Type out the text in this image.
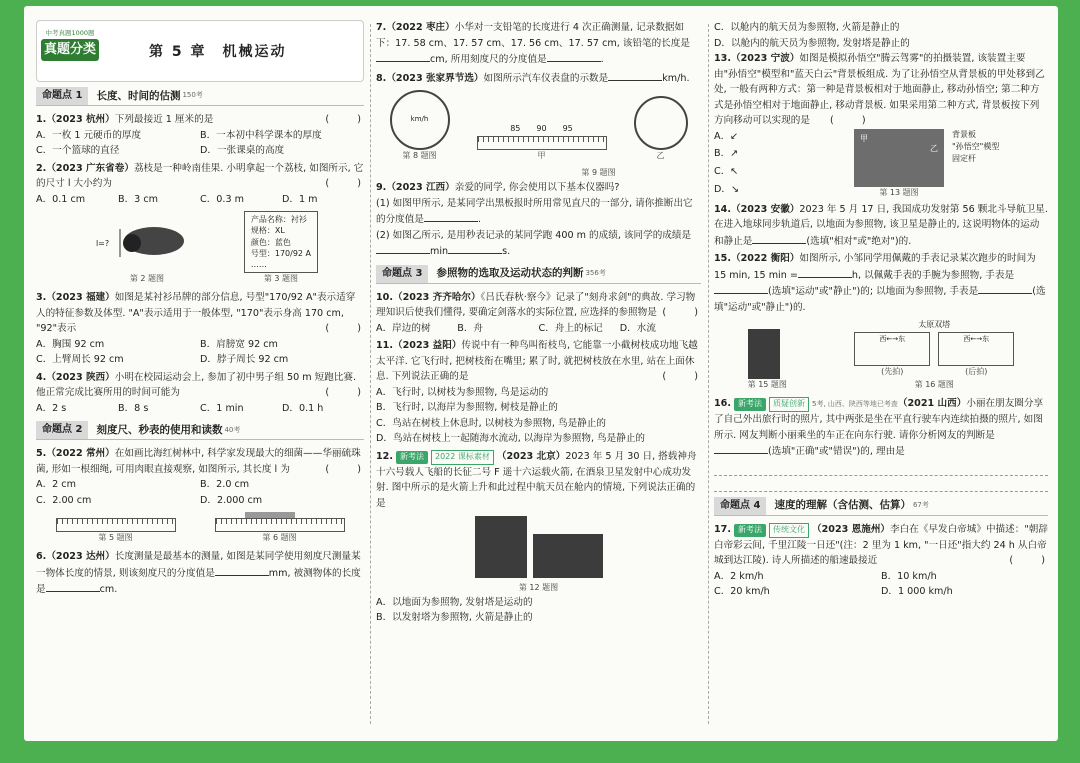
中考真题1000题
真题分类	第 5 章　机械运动
命题点 1	长度、时间的估测 150考
1.（2023 杭州）下列最接近 1 厘米的是	(　　)
A．一枚 1 元硬币的厚度	B．一本初中科学课本的厚度
C．一个篮球的直径	D．一张课桌的高度
2.（2023 广东省卷）荔枝是一种岭南佳果. 小明拿起一个荔枝, 如图所示, 它的尺寸 l 大小约为	(　　)
A．0.1 cm	B．3 cm	C．0.3 m	D．1 m
l=?
第 2 题图
产品名称：衬衫
规格：XL
颜色：蓝色
号型：170/92 A
……
第 3 题图
3.（2023 福建）如图是某衬衫吊牌的部分信息, 号型"170/92 A"表示适穿人的特征参数及体型. "A"表示适用于一般体型, "170"表示身高 170 cm, "92"表示	(　　)
A．胸围 92 cm	B．肩膀宽 92 cm
C．上臂周长 92 cm	D．脖子周长 92 cm
4.（2023 陕西）小明在校园运动会上, 参加了初中男子组 50 m 短跑比赛. 他正常完成比赛所用的时间可能为	(　　)
A．2 s	B．8 s	C．1 min	D．0.1 h
命题点 2	刻度尺、秒表的使用和读数 40考
5.（2022 常州）在如画比海红树林中, 科学家发现最大的细菌——华丽硫珠菌, 形如一根细绳, 可用肉眼直接观察, 如图所示, 其长度 l 为	(　　)
A．2 cm	B．2.0 cm
C．2.00 cm	D．2.000 cm
第 5 题图	第 6 题图
6.（2023 达州）长度测量是最基本的测量, 如图是某同学使用刻度尺测量某一物体长度的情景, 则该刻度尺的分度值是	mm, 被测物体的长度是	cm.
7.（2022 枣庄）小华对一支铅笔的长度进行 4 次正确测量, 记录数据如下：17. 58 cm、17. 57 cm、17. 56 cm、17. 57 cm, 该铅笔的长度是cm, 所用刻度尺的分度值是	.
8.（2023 张家界节选）如图所示汽车仪表盘的示数是	km/h.
km/h
第 8 题图
85　　90　　95
甲	乙
第 9 题图
9.（2023 江西）亲爱的同学, 你会使用以下基本仪器吗?
(1) 如图甲所示, 是某同学出黑板报时所用常见直尺的一部分, 请你推断出它的分度值是	.
(2) 如图乙所示, 是用秒表记录的某同学跑 400 m 的成绩, 该同学的成绩是min	s.
命题点 3	参照物的选取及运动状态的判断 356考
10.（2023 齐齐哈尔）《吕氏春秋·察今》记录了"刻舟求剑"的典故. 学习物理知识后使我们懂得, 要确定剑落水的实际位置, 应选择的参照物是 (　　)
A．岸边的树	B．舟	C．舟上的标记	D．水流
11.（2023 益阳）传说中有一种鸟叫衔枝鸟, 它能靠一小截树枝成功地飞越太平洋. 它飞行时, 把树枝衔在嘴里; 累了时, 就把树枝放在水里, 站在上面休息. 下列说法正确的是	(　　)
A．飞行时, 以树枝为参照物, 鸟是运动的
B．飞行时, 以海岸为参照物, 树枝是静止的
C．鸟站在树枝上休息时, 以树枝为参照物, 鸟是静止的
D．鸟站在树枝上一起随海水流动, 以海岸为参照物, 鸟是静止的
12. 新考法 2022 课标素材 （2023 北京）2023 年 5 月 30 日, 搭载神舟十六号载人飞船的长征二号 F 遥十六运载火箭, 在酒泉卫星发射中心成功发射. 图中所示的是火箭上升和此过程中航天员在舱内的情境, 下列说法正确的是
第 12 题图
A．以地面为参照物, 发射塔是运动的
B．以发射塔为参照物, 火箭是静止的
C．以舱内的航天员为参照物, 火箭是静止的
D．以舱内的航天员为参照物, 发射塔是静止的
13.（2023 宁波）如图是模拟孙悟空"腾云驾雾"的拍摄装置, 该装置主要由"孙悟空"模型和"蓝天白云"背景板组成. 为了让孙悟空从背景板的甲处移到乙处, 一般有两种方式：第一种是背景板相对于地面静止, 移动孙悟空; 第二种方式是孙悟空相对于地面静止, 移动背景板. 如果采用第二种方式, 背景板按下列方向移动可以实现的是 (　　)
A．↙
B．↗
C．↖
D．↘
甲
乙
背景板
"孙悟空"模型
固定杆
第 13 题图
14.（2023 安徽）2023 年 5 月 17 日, 我国成功发射第 56 颗北斗导航卫星. 在进入地球同步轨道后, 以地面为参照物, 该卫星是静止的, 这说明物体的运动和静止是	(选填"相对"或"绝对")的.
15.（2022 衡阳）如图所示, 小邹同学用佩戴的手表记录某次跑步的时间为 15 min, 15 min =	h, 以佩戴手表的手腕为参照物, 手表是(选填"运动"或"静止")的; 以地面为参照物, 手表是	(选填"运动"或"静止")的.
第 15 题图
太原双塔
西←→东
(先拍)
西←→东
(后拍)
第 16 题图
16. 新考法 质疑创新 5考, 山西、陕西等地已考查（2021 山西）小丽在朋友圈分享了自己外出旅行时的照片, 其中两张是坐在平直行驶车内连续拍摄的照片, 如图所示. 网友判断小丽乘坐的车正在向东行驶. 请你分析网友的判断是(选填"正确"或"错误")的, 理由是
命题点 4	速度的理解（含估测、估算） 67考
17. 新考法 传统文化 （2023 恩施州）李白在《早发白帝城》中描述："朝辞白帝彩云间, 千里江陵一日还"(注：2 里为 1 km, "一日还"指大约 24 h 从白帝城到达江陵). 诗人所描述的船速最接近	(　　)
A．2 km/h	B．10 km/h
C．20 km/h	D．1 000 km/h
